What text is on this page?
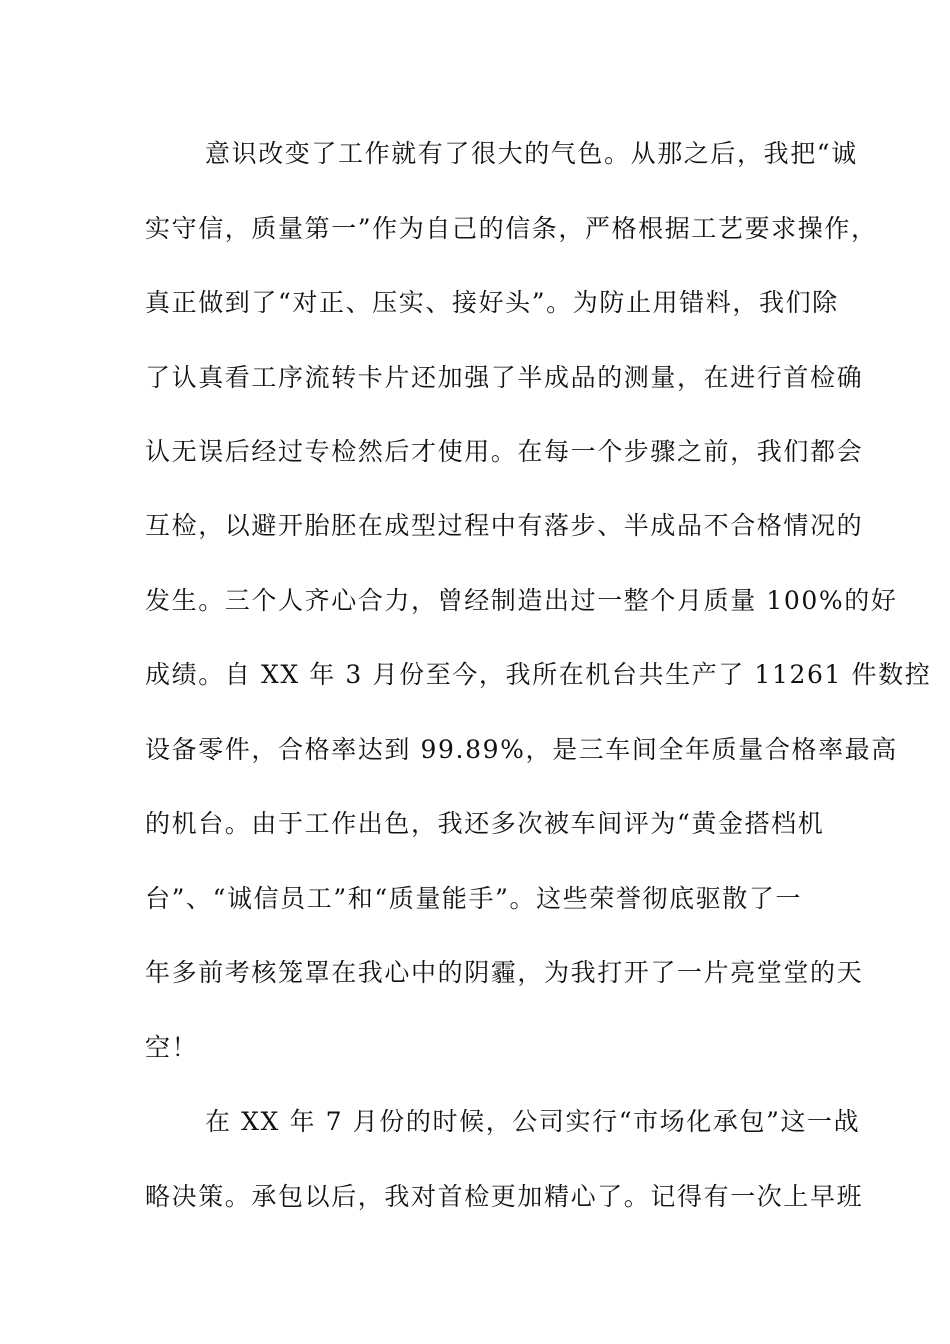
意识改变了工作就有了很大的气色。从那之后，我把“诚
实守信，质量第一”作为自己的信条，严格根据工艺要求操作，
真正做到了“对正、压实、接好头”。为防止用错料，我们除
了认真看工序流转卡片还加强了半成品的测量，在进行首检确
认无误后经过专检然后才使用。在每一个步骤之前，我们都会
互检，以避开胎胚在成型过程中有落步、半成品不合格情况的
发生。三个人齐心合力，曾经制造出过一整个月质量 100%的好
成绩。自 XX 年 3 月份至今，我所在机台共生产了 11261 件数控
设备零件，合格率达到 99.89%，是三车间全年质量合格率最高
的机台。由于工作出色，我还多次被车间评为“黄金搭档机
台”、“诚信员工”和“质量能手”。这些荣誉彻底驱散了一
年多前考核笼罩在我心中的阴霾，为我打开了一片亮堂堂的天
空！
在 XX 年 7 月份的时候，公司实行“市场化承包”这一战
略决策。承包以后，我对首检更加精心了。记得有一次上早班
